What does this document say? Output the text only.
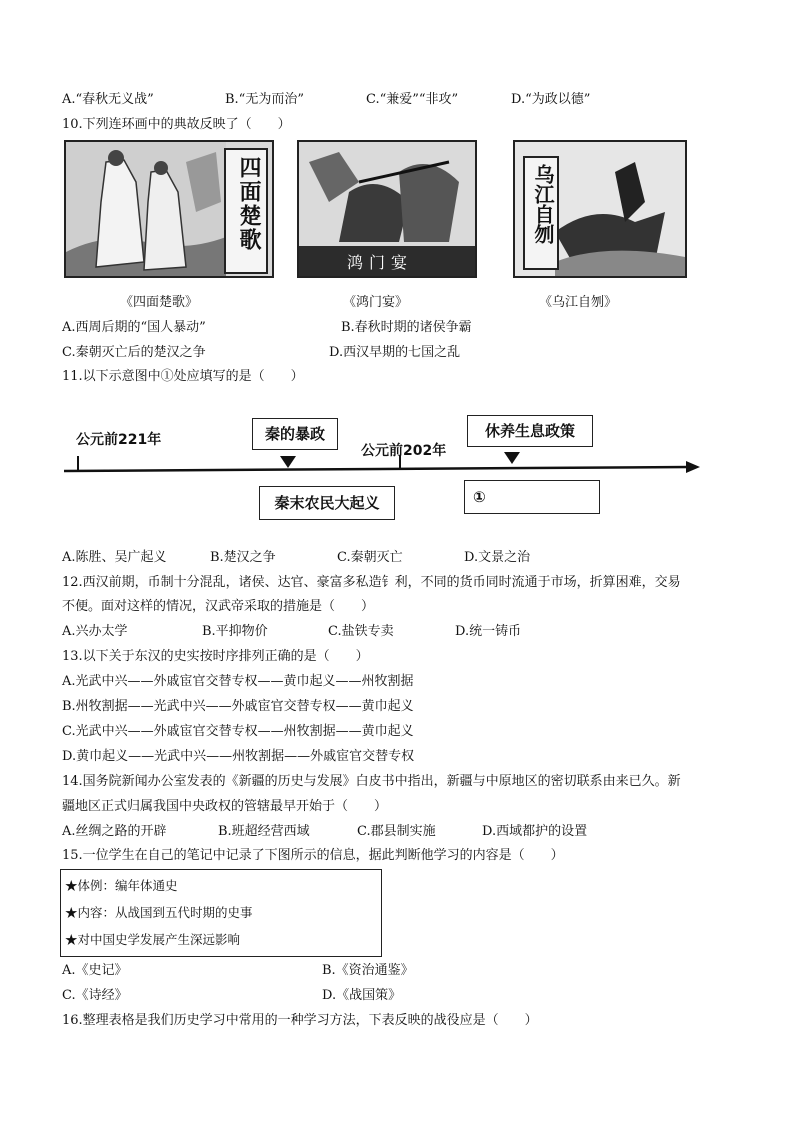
A.“春秋无义战”	B.“无为而治”	C.“兼爱”“非攻”	D.“为政以德”
10.下列连环画中的典故反映了（　　）
四面楚歌
鸿门宴
乌江自刎
《四面楚歌》	《鸿门宴》	《乌江自刎》
A.西周后期的“国人暴动”	B.春秋时期的诸侯争霸
C.秦朝灭亡后的楚汉之争	D.西汉早期的七国之乱
11.以下示意图中①处应填写的是（　　）
公元前221年
公元前202年
秦的暴政	休养生息政策
秦末农民大起义	①
A.陈胜、吴广起义	B.楚汉之争	C.秦朝灭亡	D.文景之治
12.西汉前期，币制十分混乱，诸侯、达官、豪富多私造钅利，不同的货币同时流通于市场，折算困难，交易
不便。面对这样的情况，汉武帝采取的措施是（　　）
A.兴办太学	B.平抑物价	C.盐铁专卖	D.统一铸币
13.以下关于东汉的史实按时序排列正确的是（　　）
A.光武中兴——外戚宦官交替专权——黄巾起义——州牧割据
B.州牧割据——光武中兴——外戚宦官交替专权——黄巾起义
C.光武中兴——外戚宦官交替专权——州牧割据——黄巾起义
D.黄巾起义——光武中兴——州牧割据——外戚宦官交替专权
14.国务院新闻办公室发表的《新疆的历史与发展》白皮书中指出，新疆与中原地区的密切联系由来已久。新
疆地区正式归属我国中央政权的管辖最早开始于（　　）
A.丝绸之路的开辟	B.班超经营西域	C.郡县制实施	D.西域都护的设置
15.一位学生在自己的笔记中记录了下图所示的信息，据此判断他学习的内容是（　　）
★体例：编年体通史
★内容：从战国到五代时期的史事
★对中国史学发展产生深远影响
A.《史记》	B.《资治通鉴》
C.《诗经》	D.《战国策》
16.整理表格是我们历史学习中常用的一种学习方法，下表反映的战役应是（　　）
